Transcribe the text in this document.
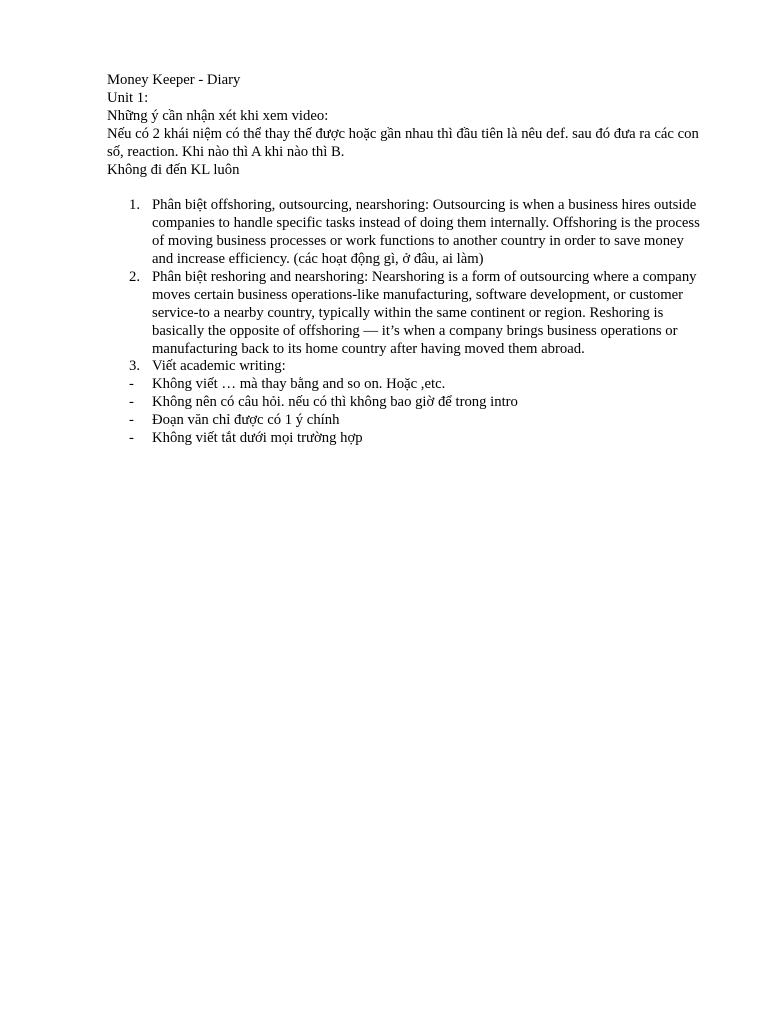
Money Keeper - Diary

Unit 1:

Những ý cần nhận xét khi xem video:

Nếu có 2 khái niệm có thể thay thế được hoặc gần nhau thì đầu tiên là nêu def. sau đó đưa ra các con số, reaction. Khi nào thì A khi nào thì B.

Không đi đến KL luôn

1. Phân biệt offshoring, outsourcing, nearshoring: Outsourcing is when a business hires outside companies to handle specific tasks instead of doing them internally. Offshoring is the process of moving business processes or work functions to another country in order to save money and increase efficiency. (các hoạt động gì, ở đâu, ai làm)
2. Phân biệt reshoring and nearshoring: Nearshoring is a form of outsourcing where a company moves certain business operations-like manufacturing, software development, or customer service-to a nearby country, typically within the same continent or region. Reshoring is basically the opposite of offshoring — it’s when a company brings business operations or manufacturing back to its home country after having moved them abroad.
3. Viết academic writing:
- Không viết … mà thay bằng and so on. Hoặc ,etc.
- Không nên có câu hỏi. nếu có thì không bao giờ để trong intro
- Đoạn văn chỉ được có 1 ý chính
- Không viết tắt dưới mọi trường hợp
